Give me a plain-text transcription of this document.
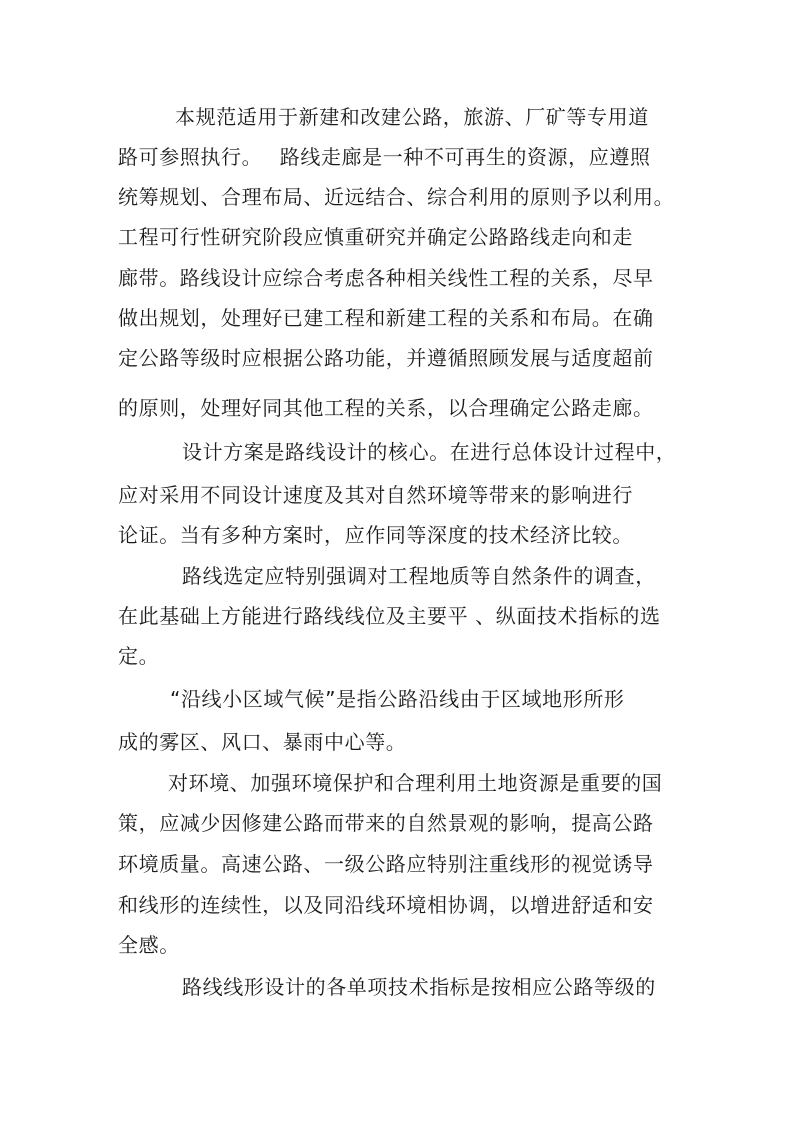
本规范适用于新建和改建公路，旅游、厂矿等专用道
路可参照执行。　 路线走廊是一种不可再生的资源，应遵照
统筹规划、合理布局、近远结合、综合利用的原则予以利用。
工程可行性研究阶段应慎重研究并确定公路路线走向和走
廊带。路线设计应综合考虑各种相关线性工程的关系，尽早
做出规划，处理好已建工程和新建工程的关系和布局。在确
定公路等级时应根据公路功能，并遵循照顾发展与适度超前
的原则，处理好同其他工程的关系，以合理确定公路走廊。
设计方案是路线设计的核心。在进行总体设计过程中，
应对采用不同设计速度及其对自然环境等带来的影响进行
论证。当有多种方案时，应作同等深度的技术经济比较。
路线选定应特别强调对工程地质等自然条件的调查，
在此基础上方能进行路线线位及主要平 、纵面技术指标的选
定。
“沿线小区域气候”是指公路沿线由于区域地形所形
成的雾区、风口、暴雨中心等。
对环境、加强环境保护和合理利用土地资源是重要的国
策，应减少因修建公路而带来的自然景观的影响，提高公路
环境质量。高速公路、一级公路应特别注重线形的视觉诱导
和线形的连续性，以及同沿线环境相协调，以增进舒适和安
全感。
路线线形设计的各单项技术指标是按相应公路等级的
